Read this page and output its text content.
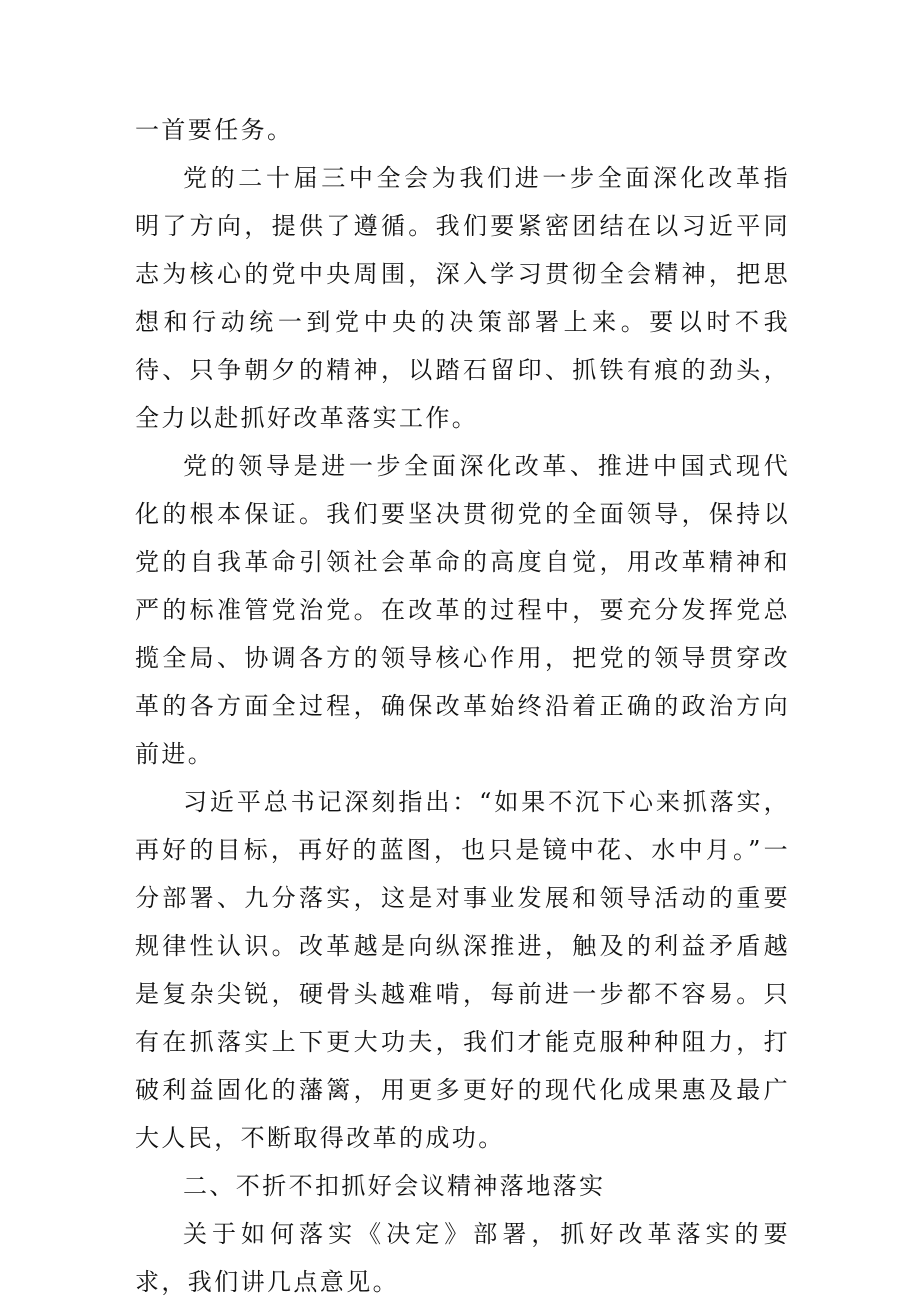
一首要任务。

党的二十届三中全会为我们进一步全面深化改革指明了方向，提供了遵循。我们要紧密团结在以习近平同志为核心的党中央周围，深入学习贯彻全会精神，把思想和行动统一到党中央的决策部署上来。要以时不我待、只争朝夕的精神，以踏石留印、抓铁有痕的劲头，全力以赴抓好改革落实工作。

党的领导是进一步全面深化改革、推进中国式现代化的根本保证。我们要坚决贯彻党的全面领导，保持以党的自我革命引领社会革命的高度自觉，用改革精神和严的标准管党治党。在改革的过程中，要充分发挥党总揽全局、协调各方的领导核心作用，把党的领导贯穿改革的各方面全过程，确保改革始终沿着正确的政治方向前进。

习近平总书记深刻指出：“如果不沉下心来抓落实，再好的目标，再好的蓝图，也只是镜中花、水中月。”一分部署、九分落实，这是对事业发展和领导活动的重要规律性认识。改革越是向纵深推进，触及的利益矛盾越是复杂尖锐，硬骨头越难啃，每前进一步都不容易。只有在抓落实上下更大功夫，我们才能克服种种阻力，打破利益固化的藩篱，用更多更好的现代化成果惠及最广大人民，不断取得改革的成功。

二、不折不扣抓好会议精神落地落实

关于如何落实《决定》部署，抓好改革落实的要求，我们讲几点意见。
